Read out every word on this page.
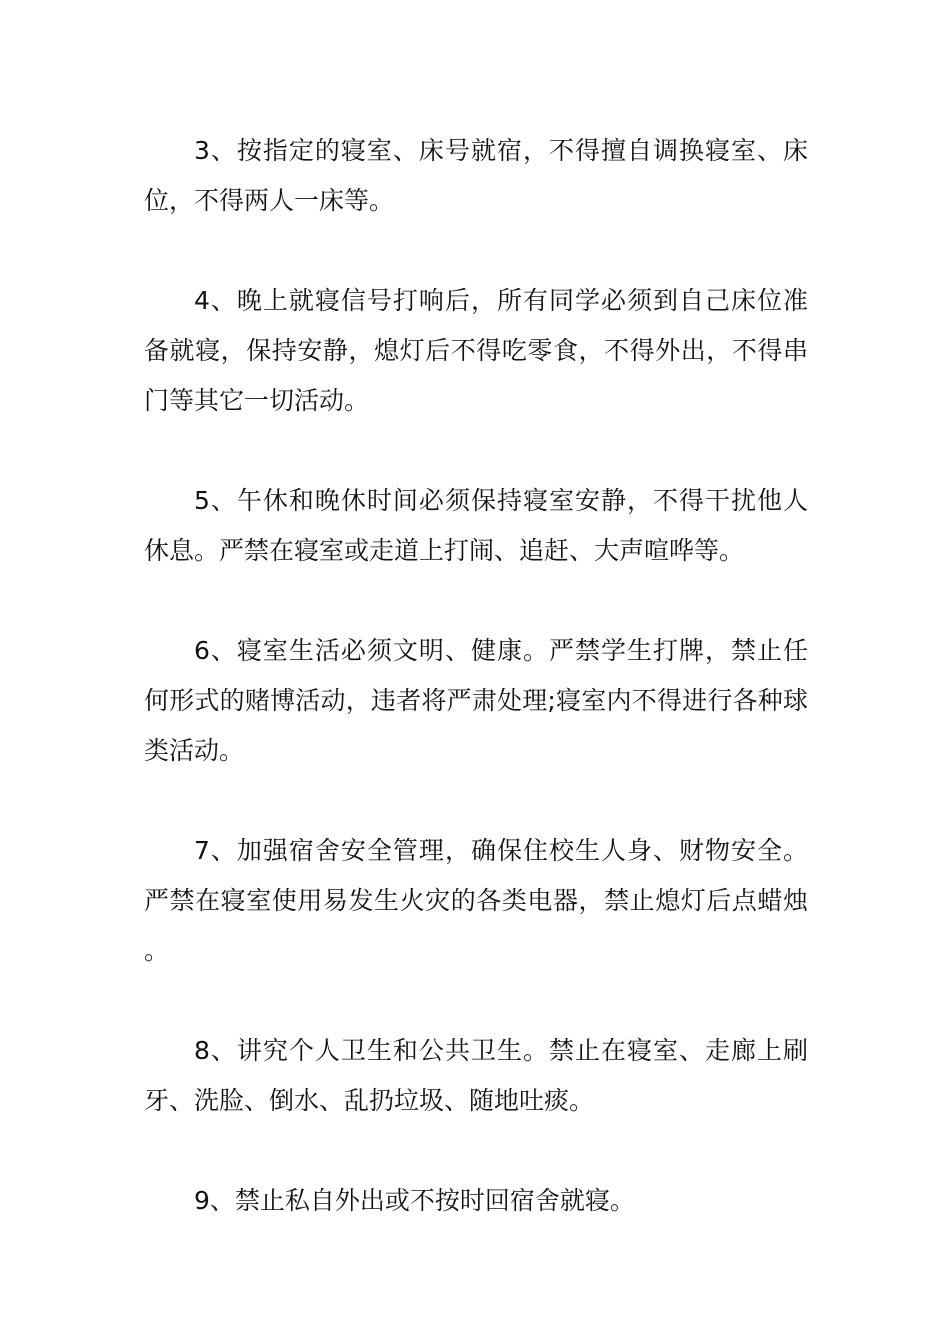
3、按指定的寝室、床号就宿，不得擅自调换寝室、床位，不得两人一床等。

4、晚上就寝信号打响后，所有同学必须到自己床位准备就寝，保持安静，熄灯后不得吃零食，不得外出，不得串门等其它一切活动。

5、午休和晚休时间必须保持寝室安静，不得干扰他人休息。严禁在寝室或走道上打闹、追赶、大声喧哗等。

6、寝室生活必须文明、健康。严禁学生打牌，禁止任何形式的赌博活动，违者将严肃处理;寝室内不得进行各种球类活动。

7、加强宿舍安全管理，确保住校生人身、财物安全。严禁在寝室使用易发生火灾的各类电器，禁止熄灯后点蜡烛。

8、讲究个人卫生和公共卫生。禁止在寝室、走廊上刷牙、洗脸、倒水、乱扔垃圾、随地吐痰。

9、禁止私自外出或不按时回宿舍就寝。
